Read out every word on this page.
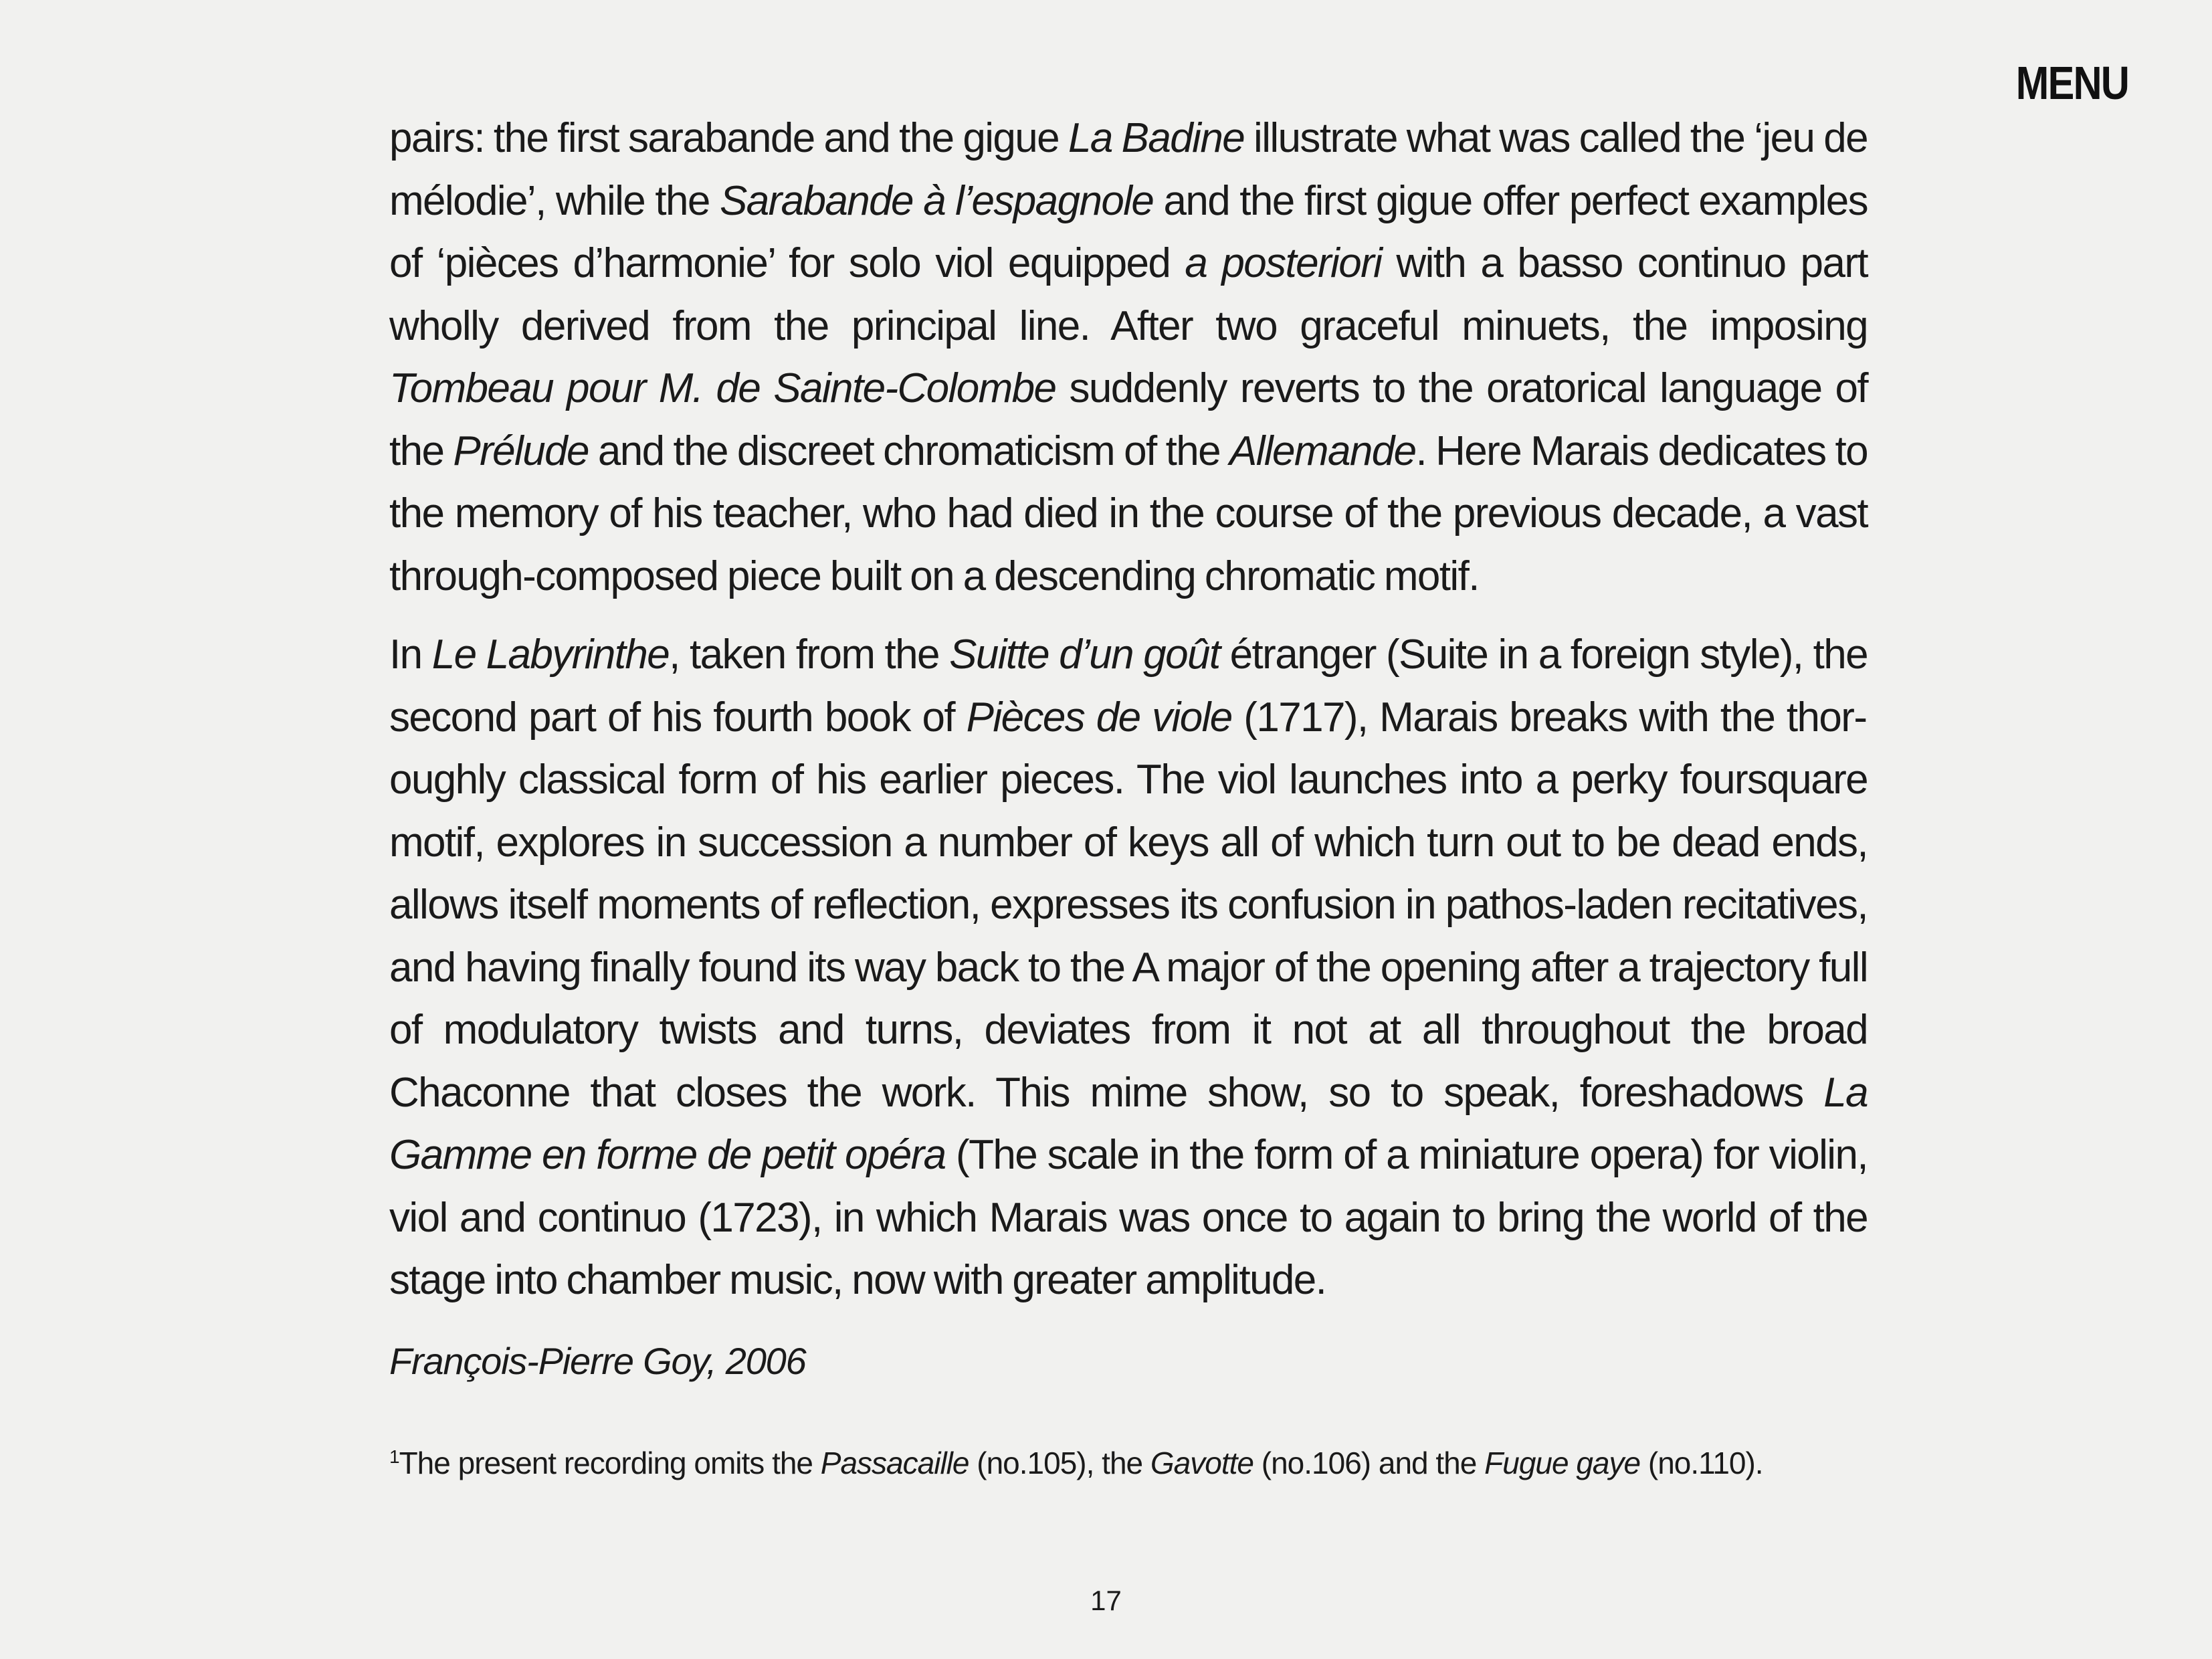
MENU

pairs: the first sarabande and the gigue La Badine illustrate what was called the ‘jeu de mélodie’, while the Sarabande à l’espagnole and the first gigue offer perfect examples of ‘pièces d’harmonie’ for solo viol equipped a posteriori with a basso continuo part wholly derived from the principal line. After two graceful minuets, the imposing Tombeau pour M. de Sainte-Colombe suddenly reverts to the oratorical language of the Prélude and the discreet chromaticism of the Allemande. Here Marais dedicates to the memory of his teacher, who had died in the course of the previous decade, a vast through-composed piece built on a descending chromatic motif.

In Le Labyrinthe, taken from the Suitte d’un goût étranger (Suite in a foreign style), the second part of his fourth book of Pièces de viole (1717), Marais breaks with the thoroughly classical form of his earlier pieces. The viol launches into a perky foursquare motif, explores in succession a number of keys all of which turn out to be dead ends, allows itself moments of reflection, expresses its confusion in pathos-laden recitatives, and having finally found its way back to the A major of the opening after a trajectory full of modulatory twists and turns, deviates from it not at all throughout the broad Chaconne that closes the work. This mime show, so to speak, foreshadows La Gamme en forme de petit opéra (The scale in the form of a miniature opera) for violin, viol and continuo (1723), in which Marais was once to again to bring the world of the stage into chamber music, now with greater amplitude.

François-Pierre Goy, 2006

$^1$The present recording omits the Passacaille (no.105), the Gavotte (no.106) and the Fugue gaye (no.110).

17
